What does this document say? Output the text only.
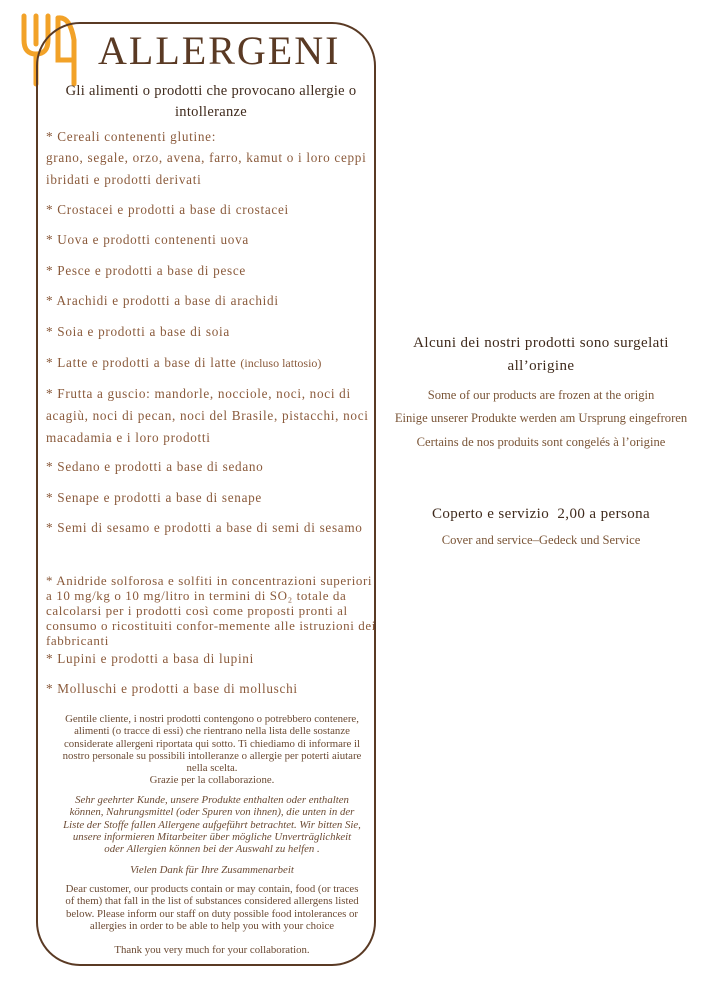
ALLERGENI
Gli alimenti o prodotti che provocano allergie o intolleranze
* Cereali contenenti glutine:
grano, segale, orzo, avena, farro, kamut o i loro ceppi ibridati e prodotti derivati
* Crostacei e prodotti a base di crostacei
* Uova e prodotti contenenti uova
* Pesce e prodotti a base di pesce
* Arachidi e prodotti a base di arachidi
* Soia e prodotti a base di soia
* Latte e prodotti a base di latte (incluso lattosio)
* Frutta a guscio: mandorle, nocciole, noci, noci di acagiù, noci di pecan, noci del Brasile, pistacchi, noci macadamia e i loro prodotti
* Sedano e prodotti a base di sedano
* Senape e prodotti a base di senape
* Semi di sesamo e prodotti a base di semi di sesamo
* Anidride solforosa e solfiti in concentrazioni superiori a 10 mg/kg o 10 mg/litro in termini di SO₂ totale da calcolarsi per i prodotti così come proposti pronti al consumo o ricostituiti confor-memente alle istruzioni dei fabbricanti
* Lupini e prodotti a basa di lupini
* Molluschi e prodotti a base di molluschi
Gentile cliente, i nostri prodotti contengono o potrebbero contenere, alimenti (o tracce di essi) che rientrano nella lista delle sostanze considerate allergeni riportata qui sotto. Ti chiediamo di informare il nostro personale su possibili intolleranze o allergie per poterti aiutare nella scelta.
Grazie per la collaborazione.
Sehr geehrter Kunde, unsere Produkte enthalten oder enthalten können, Nahrungsmittel (oder Spuren von ihnen), die unten in der Liste der Stoffe fallen Allergene aufgeführt betrachtet. Wir bitten Sie, unsere informieren Mitarbeiter über mögliche Unverträglichkeit oder Allergien können bei der Auswahl zu helfen .
Vielen Dank für Ihre Zusammenarbeit
Dear customer, our products contain or may contain, food (or traces of them) that fall in the list of substances considered allergens listed below. Please inform our staff on duty possible food intolerances or allergies in order to be able to help you with your choice
Thank you very much for your collaboration.
Alcuni dei nostri prodotti sono surgelati all’origine
Some of our products are frozen at the origin
Einige unserer Produkte werden am Ursprung eingefroren
Certains de nos produits sont congelés à l’origine
Coperto e servizio  2,00 a persona
Cover and service–Gedeck und Service
